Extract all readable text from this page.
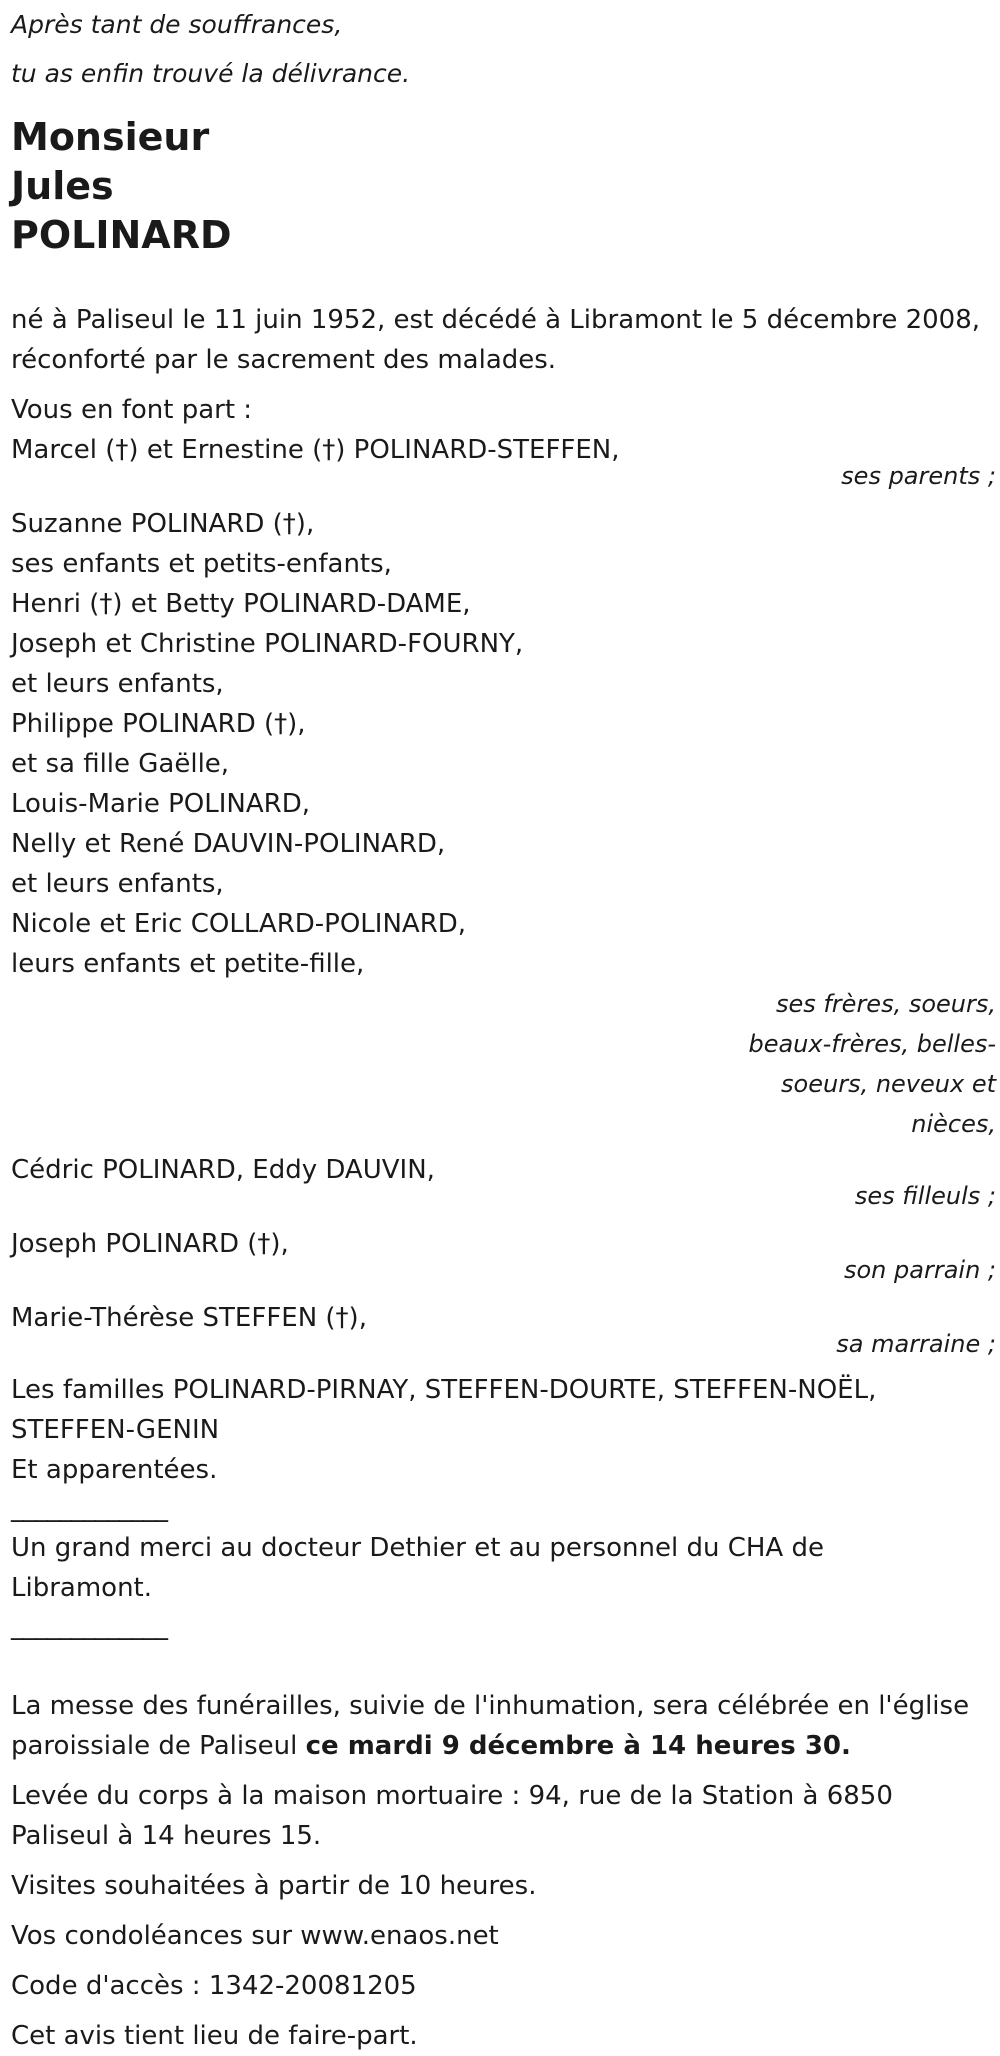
Après tant de souffrances,
tu as enfin trouvé la délivrance.
Monsieur
Jules
POLINARD
né à Paliseul le 11 juin 1952, est décédé à Libramont le 5 décembre 2008,
réconforté par le sacrement des malades.
Vous en font part :
Marcel (†) et Ernestine (†) POLINARD-STEFFEN,
ses parents ;
Suzanne POLINARD (†),
ses enfants et petits-enfants,
Henri (†) et Betty POLINARD-DAME,
Joseph et Christine POLINARD-FOURNY,
et leurs enfants,
Philippe POLINARD (†),
et sa fille Gaëlle,
Louis-Marie POLINARD,
Nelly et René DAUVIN-POLINARD,
et leurs enfants,
Nicole et Eric COLLARD-POLINARD,
leurs enfants et petite-fille,
ses frères, soeurs,
beaux-frères, belles-
soeurs, neveux et
nièces,
Cédric POLINARD, Eddy DAUVIN,
ses filleuls ;
Joseph POLINARD (†),
son parrain ;
Marie-Thérèse STEFFEN (†),
sa marraine ;
Les familles POLINARD-PIRNAY, STEFFEN-DOURTE, STEFFEN-NOËL,
STEFFEN-GENIN
Et apparentées.
_____________
Un grand merci au docteur Dethier et au personnel du CHA de
Libramont.
_____________
La messe des funérailles, suivie de l'inhumation, sera célébrée en l'église
paroissiale de Paliseul ce mardi 9 décembre à 14 heures 30.
Levée du corps à la maison mortuaire : 94, rue de la Station à 6850
Paliseul à 14 heures 15.
Visites souhaitées à partir de 10 heures.
Vos condoléances sur www.enaos.net
Code d'accès : 1342-20081205
Cet avis tient lieu de faire-part.
